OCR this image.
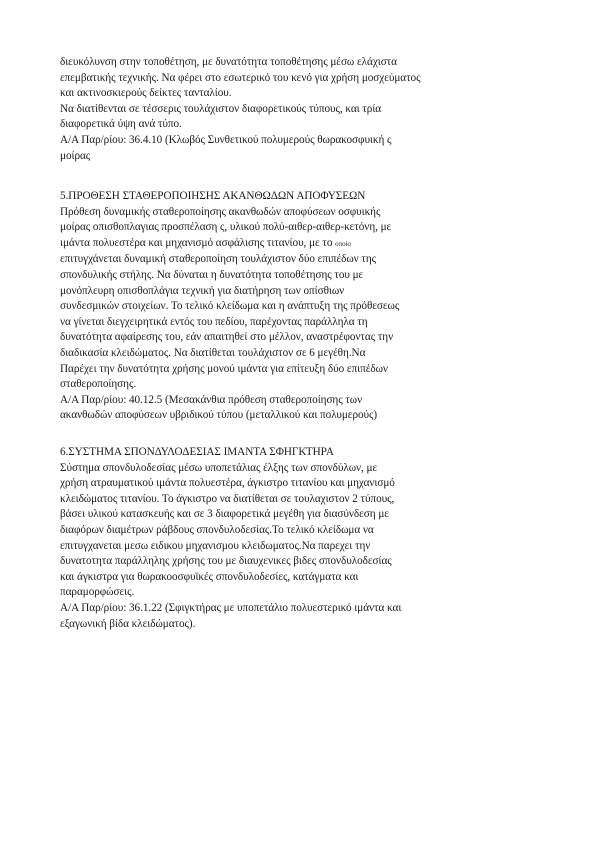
διευκόλυνση στην τοποθέτηση, με δυνατότητα τοποθέτησης μέσω ελάχιστα
επεμβατικής τεχνικής. Να φέρει στο εσωτερικό του κενό για χρήση μοσχεύματος
και ακτινοσκιερούς δείκτες τανταλίου.
Να διατίθενται σε τέσσερις τουλάχιστον διαφορετικούς τύπους, και τρία
διαφορετικά ύψη ανά τύπο.
Α/Α Παρ/ρίου: 36.4.10 (Κλωβός Συνθετικού πολυμερούς θωρακοσφυική ς
μοίρας
5.ΠΡΟΘΕΣΗ ΣΤΑΘΕΡΟΠΟΙΗΣΗΣ ΑΚΑΝΘΩΔΩΝ ΑΠΟΦΥΣΕΩΝ
Πρόθεση δυναμικής σταθεροποίησης ακανθωδών αποφύσεων οσφυικής
μοίρας οπισθοπλαγιας προσπέλαση ς, υλικού πολύ-αιθερ-αιθερ-κετόνη, με
ιμάντα πολυεστέρα και μηχανισμό ασφάλισης τιτανίου, με το οποίο
επιτυγχάνεται δυναμική σταθεροποίηση τουλάχιστον δύο επιπέδων της
σπονδυλικής στήλης. Να δύναται η δυνατότητα τοποθέτησης του με
μονόπλευρη οπισθοπλάγια τεχνική για διατήρηση των οπίσθιων
συνδεσμικών στοιχείων. Το τελικό κλείδωμα και η ανάπτυξη της πρόθεσεως
να γίνεται διεγχειρητικά εντός του πεδίου, παρέχοντας παράλληλα τη
δυνατότητα αφαίρεσης του, εάν απαιτηθεί στο μέλλον, αναστρέφοντας την
διαδικασία κλειδώματος. Να διατίθεται τουλάχιστον σε 6 μεγέθη.Να
Παρέχει την δυνατότητα χρήσης μονού ιμάντα για επίτευξη δύο επιπέδων
σταθεροποίησης.
Α/Α Παρ/ρίου: 40.12.5 (Μεσακάνθια πρόθεση σταθεροποίησης των
ακανθωδών αποφύσεων υβριδικού τύπου (μεταλλικού και πολυμερούς)
6.ΣΥΣΤΗΜΑ ΣΠΟΝΔΥΛΟΔΕΣΙΑΣ ΙΜΑΝΤΑ ΣΦΗΓΚΤΗΡΑ
Σύστημα σπονδυλοδεσίας μέσω υποπετάλιας έλξης των σπονδύλων, με
χρήση ατραυματικού ιμάντα πολυεστέρα, άγκιστρο τιτανίου και μηχανισμό
κλειδώματος τιτανίου. Το άγκιστρο να διατίθεται σε τουλαχιστον 2 τύπους,
βάσει υλικού κατασκευής και σε 3 διαφορετικά μεγέθη για διασύνδεση με
διαφόρων διαμέτρων ράβδους σπονδυλοδεσίας.Το τελικό κλείδωμα να
επιτυγχανεται μεσω ειδικου μηχανισμου κλειδωματος.Να παρεχει την
δυνατοτητα παράλληλης χρήσης του με διαυχενικες βιδες σπονδυλοδεσίας
και άγκιστρα για θωρακοοσφυϊκές σπονδυλοδεσίες, κατάγματα και
παραμορφώσεις.
Α/Α Παρ/ρίου: 36.1.22 (Σφιγκτήρας με υποπετάλιο πολυεστερικό ιμάντα και
εξαγωνική βίδα κλειδώματος).
